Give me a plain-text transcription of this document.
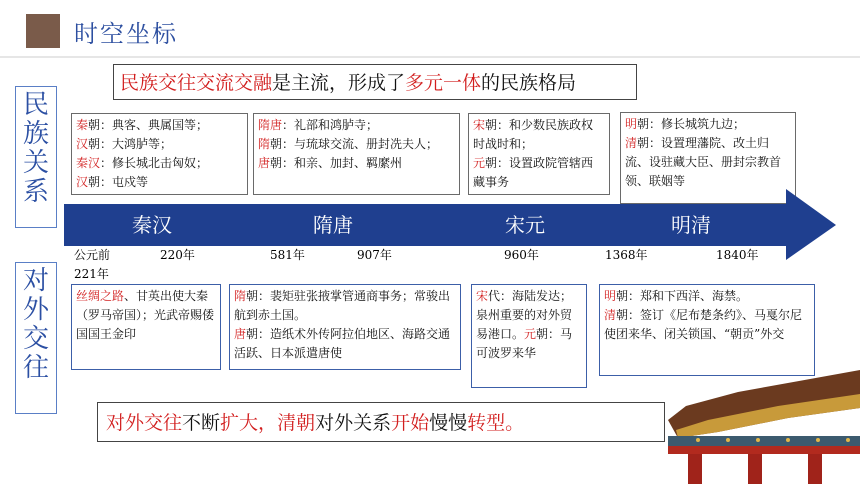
时空坐标
民族关系
对外交往
民族交往交流交融是主流，形成了多元一体的民族格局
秦朝：典客、典属国等；
汉朝：大鸿胪等；
秦汉：修长城北击匈奴；
汉朝：屯戍等
隋唐：礼部和鸿胪寺；
隋朝：与琉球交流、册封冼夫人；
唐朝：和亲、加封、羁縻州
宋朝：和少数民族政权时战时和；
元朝：设置政院管辖西藏事务
明朝：修长城筑九边；
清朝：设置理藩院、改土归流、设驻藏大臣、册封宗教首领、联姻等
秦汉	隋唐	宋元	明清
公元前
221年
220年	581年	907年	960年	1368年	1840年
丝绸之路、甘英出使大秦（罗马帝国）；光武帝赐倭国国王金印
隋朝：裴矩驻张掖掌管通商事务；常骏出航到赤土国。
唐朝：造纸术外传阿拉伯地区、海路交通活跃、日本派遣唐使
宋代：海陆发达；泉州重要的对外贸易港口。元朝：马可波罗来华
明朝：郑和下西洋、海禁。
清朝：签订《尼布楚条约》、马戛尔尼使团来华、闭关锁国、“朝贡”外交
对外交往不断扩大，清朝对外关系开始慢慢转型。
